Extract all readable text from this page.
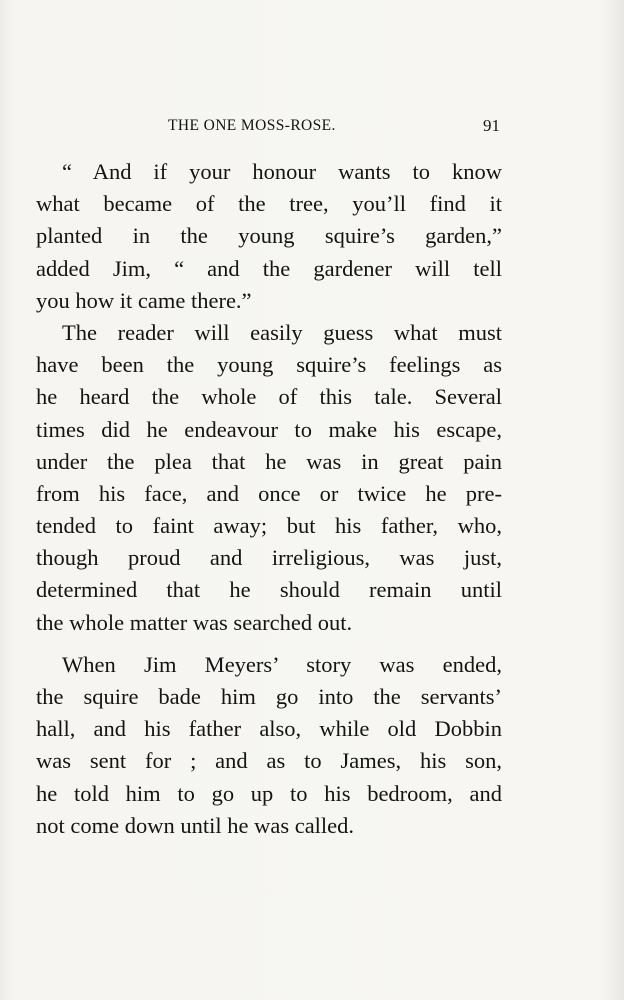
THE ONE MOSS-ROSE.	91
“ And if your honour wants to know
what became of the tree, you’ll find it
planted in the young squire’s garden,”
added Jim, “ and the gardener will tell
you how it came there.”
The reader will easily guess what must
have been the young squire’s feelings as
he heard the whole of this tale. Several
times did he endeavour to make his escape,
under the plea that he was in great pain
from his face, and once or twice he pre-
tended to faint away; but his father, who,
though proud and irreligious, was just,
determined that he should remain until
the whole matter was searched out.
When Jim Meyers’ story was ended,
the squire bade him go into the servants’
hall, and his father also, while old Dobbin
was sent for ; and as to James, his son,
he told him to go up to his bedroom, and
not come down until he was called.
